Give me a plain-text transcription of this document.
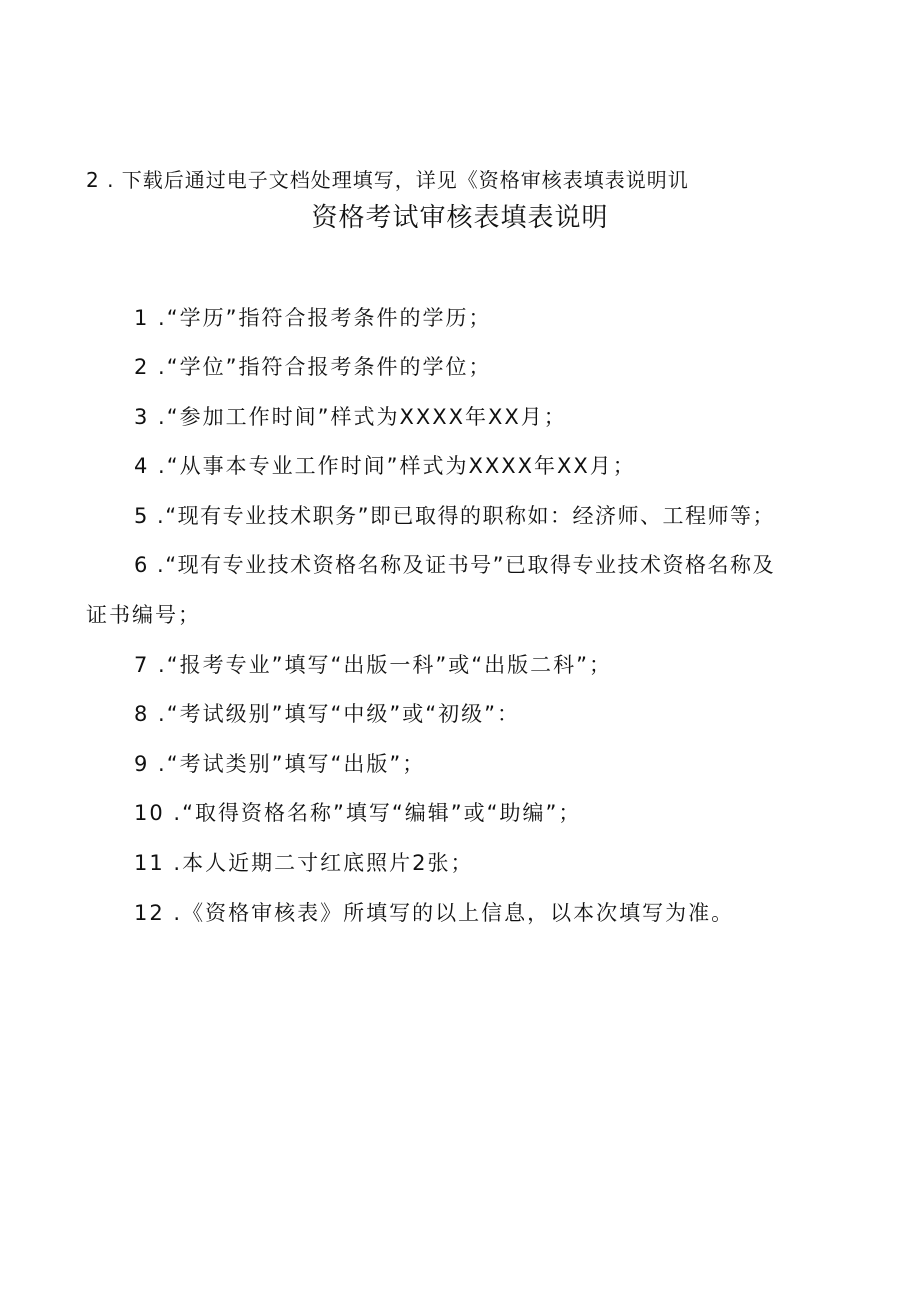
2 . 下载后通过电子文档处理填写，详见《资格审核表填表说明讥
资格考试审核表填表说明
1 .“学历”指符合报考条件的学历；
2 .“学位”指符合报考条件的学位；
3 .“参加工作时间”样式为XXXX年XX月；
4 .“从事本专业工作时间”样式为XXXX年XX月；
5 .“现有专业技术职务”即已取得的职称如：经济师、工程师等；
6 .“现有专业技术资格名称及证书号”已取得专业技术资格名称及
证书编号；
7 .“报考专业”填写“出版一科”或“出版二科”；
8 .“考试级别”填写“中级”或“初级”：
9 .“考试类别”填写“出版”；
10 .“取得资格名称”填写“编辑”或“助编”；
11 .本人近期二寸红底照片2张；
12 .《资格审核表》所填写的以上信息，以本次填写为准。
